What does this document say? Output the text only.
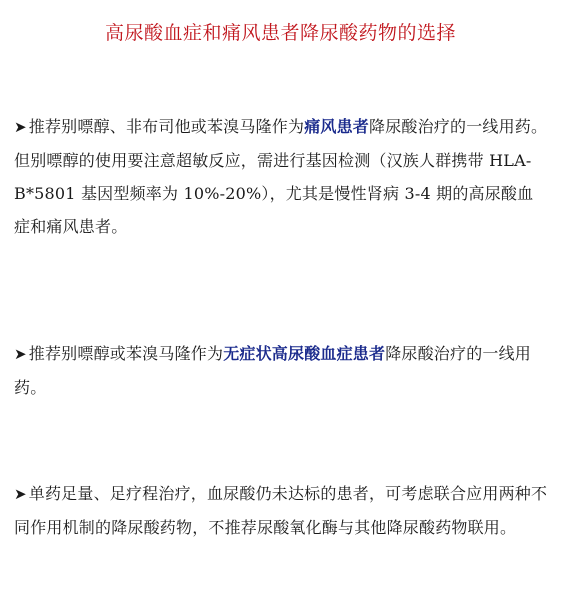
高尿酸血症和痛风患者降尿酸药物的选择

➤ 推荐别嘌醇、非布司他或苯溴马隆作为痛风患者降尿酸治疗的一线用药。但别嘌醇的使用要注意超敏反应，需进行基因检测（汉族人群携带 HLA-B*5801 基因型频率为 10%-20%），尤其是慢性肾病 3-4 期的高尿酸血症和痛风患者。

➤ 推荐别嘌醇或苯溴马隆作为无症状高尿酸血症患者降尿酸治疗的一线用药。

➤ 单药足量、足疗程治疗，血尿酸仍未达标的患者，可考虑联合应用两种不同作用机制的降尿酸药物，不推荐尿酸氧化酶与其他降尿酸药物联用。
